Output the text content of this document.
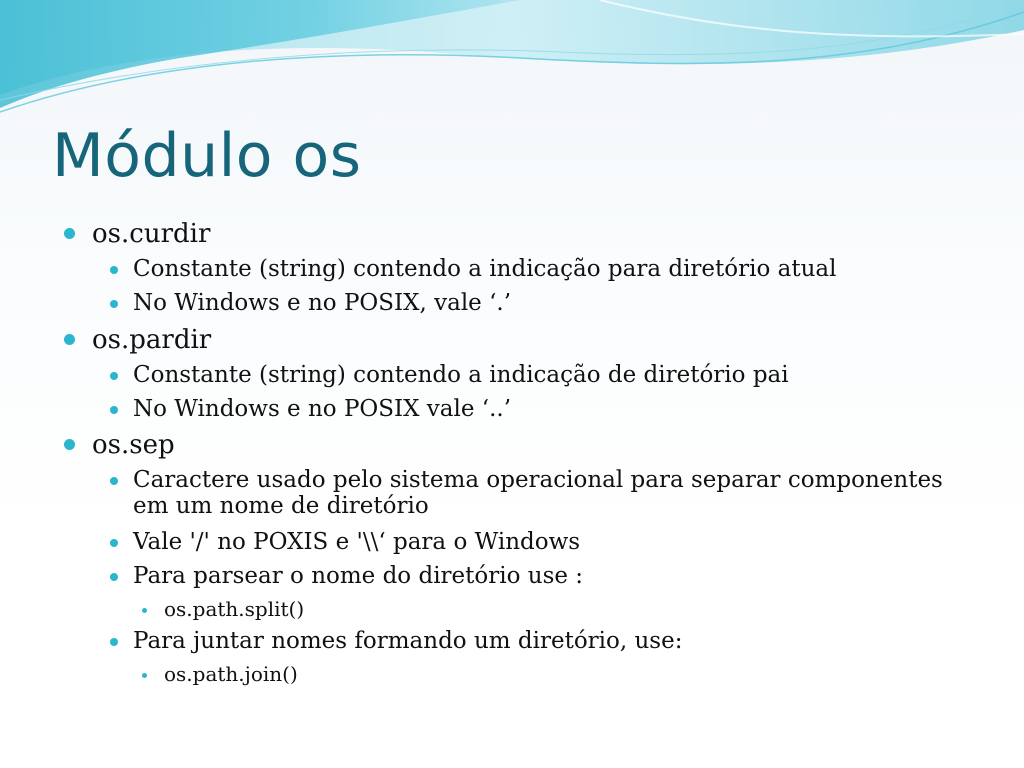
Módulo os
os.curdir
Constante (string) contendo a indicação para diretório atual
No Windows e no POSIX, vale ‘.’
os.pardir
Constante (string) contendo a indicação de diretório pai
No Windows e no POSIX vale ‘..’
os.sep
Caractere usado pelo sistema operacional para separar componentes
em um nome de diretório
Vale '/' no POXIS e '\\‘ para o Windows
Para parsear o nome do diretório use :
os.path.split()
Para juntar nomes formando um diretório, use:
os.path.join()
